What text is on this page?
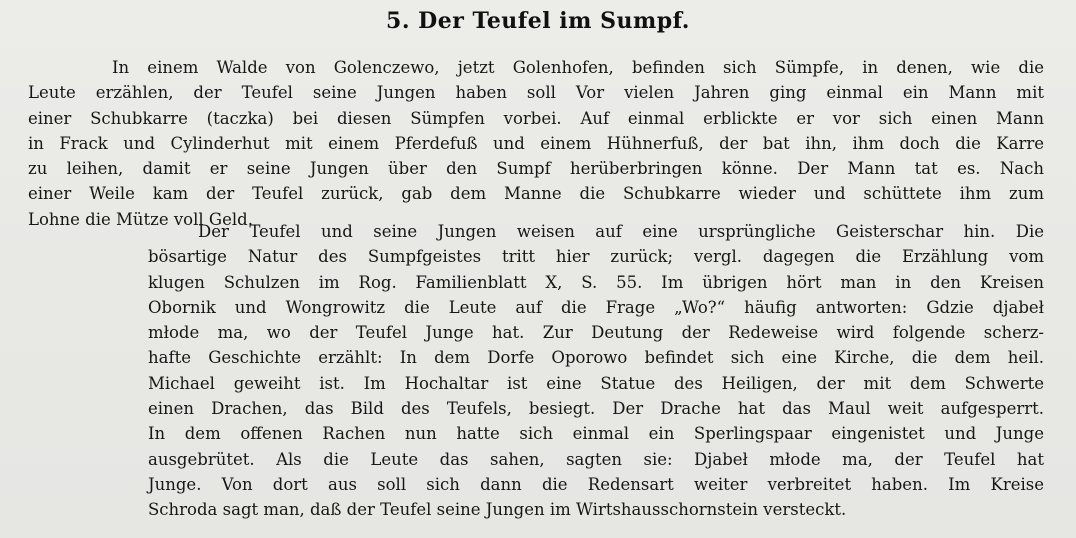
5. Der Teufel im Sumpf.
In einem Walde von Golenczewo, jetzt Golenhofen, befinden sich Sümpfe, in denen, wie die
Leute erzählen, der Teufel seine Jungen haben soll Vor vielen Jahren ging einmal ein Mann mit
einer Schubkarre (taczka) bei diesen Sümpfen vorbei. Auf einmal erblickte er vor sich einen Mann
in Frack und Cylinderhut mit einem Pferdefuß und einem Hühnerfuß, der bat ihn, ihm doch die Karre
zu leihen, damit er seine Jungen über den Sumpf herüberbringen könne. Der Mann tat es. Nach
einer Weile kam der Teufel zurück, gab dem Manne die Schubkarre wieder und schüttete ihm zum
Lohne die Mütze voll Geld.
Der Teufel und seine Jungen weisen auf eine ursprüngliche Geisterschar hin. Die
bösartige Natur des Sumpfgeistes tritt hier zurück; vergl. dagegen die Erzählung vom
klugen Schulzen im Rog. Familienblatt X, S. 55. Im übrigen hört man in den Kreisen
Obornik und Wongrowitz die Leute auf die Frage „Wo?“ häufig antworten: Gdzie djabeł
młode ma, wo der Teufel Junge hat. Zur Deutung der Redeweise wird folgende scherz-
hafte Geschichte erzählt: In dem Dorfe Oporowo befindet sich eine Kirche, die dem heil.
Michael geweiht ist. Im Hochaltar ist eine Statue des Heiligen, der mit dem Schwerte
einen Drachen, das Bild des Teufels, besiegt. Der Drache hat das Maul weit aufgesperrt.
In dem offenen Rachen nun hatte sich einmal ein Sperlingspaar eingenistet und Junge
ausgebrütet. Als die Leute das sahen, sagten sie: Djabeł młode ma, der Teufel hat
Junge. Von dort aus soll sich dann die Redensart weiter verbreitet haben. Im Kreise
Schroda sagt man, daß der Teufel seine Jungen im Wirtshausschornstein versteckt.
